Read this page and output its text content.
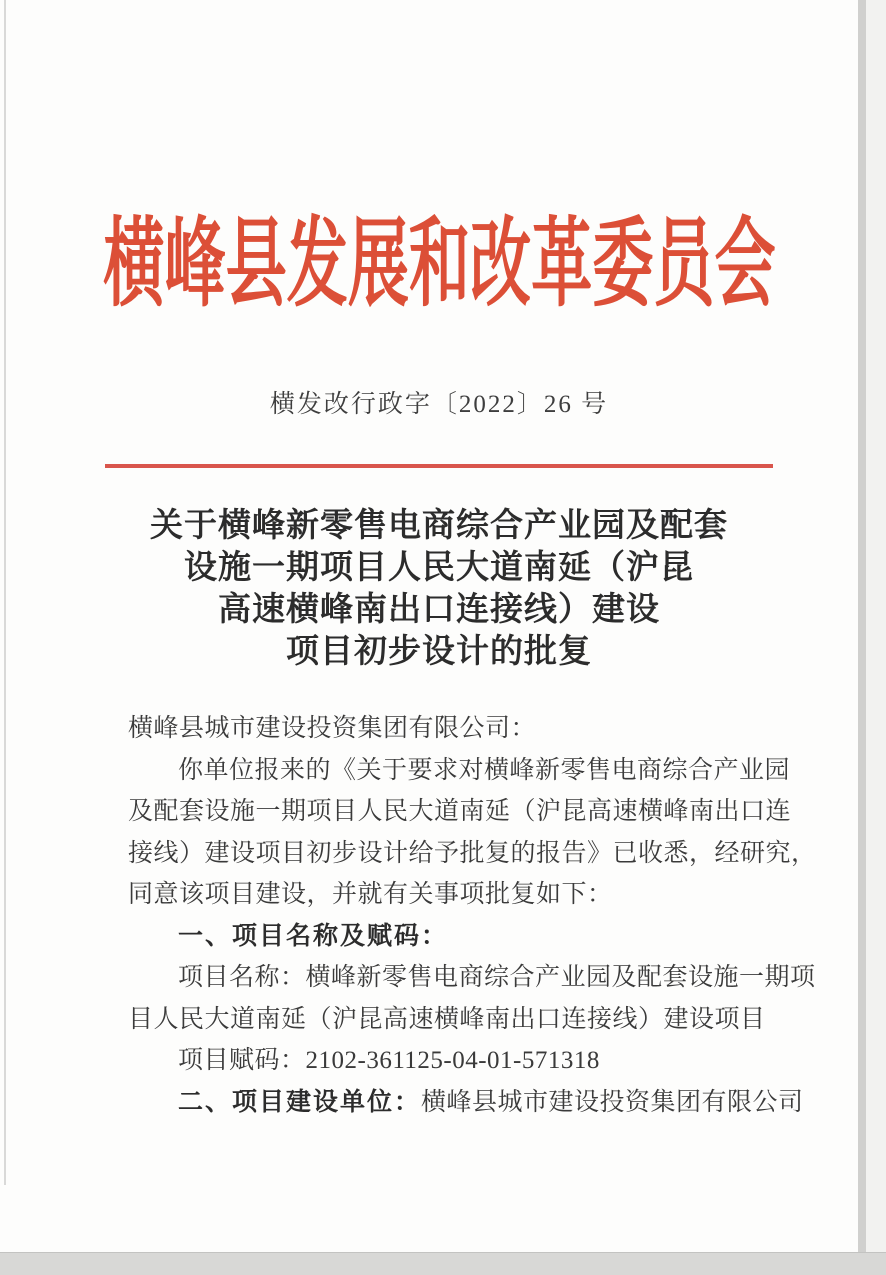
横峰县发展和改革委员会
横发改行政字〔2022〕26 号
关于横峰新零售电商综合产业园及配套
设施一期项目人民大道南延（沪昆
高速横峰南出口连接线）建设
项目初步设计的批复
横峰县城市建设投资集团有限公司：
你单位报来的《关于要求对横峰新零售电商综合产业园
及配套设施一期项目人民大道南延（沪昆高速横峰南出口连
接线）建设项目初步设计给予批复的报告》已收悉，经研究，
同意该项目建设，并就有关事项批复如下：
一、项目名称及赋码：
项目名称：横峰新零售电商综合产业园及配套设施一期项
目人民大道南延（沪昆高速横峰南出口连接线）建设项目
项目赋码：2102-361125-04-01-571318
二、项目建设单位：横峰县城市建设投资集团有限公司
